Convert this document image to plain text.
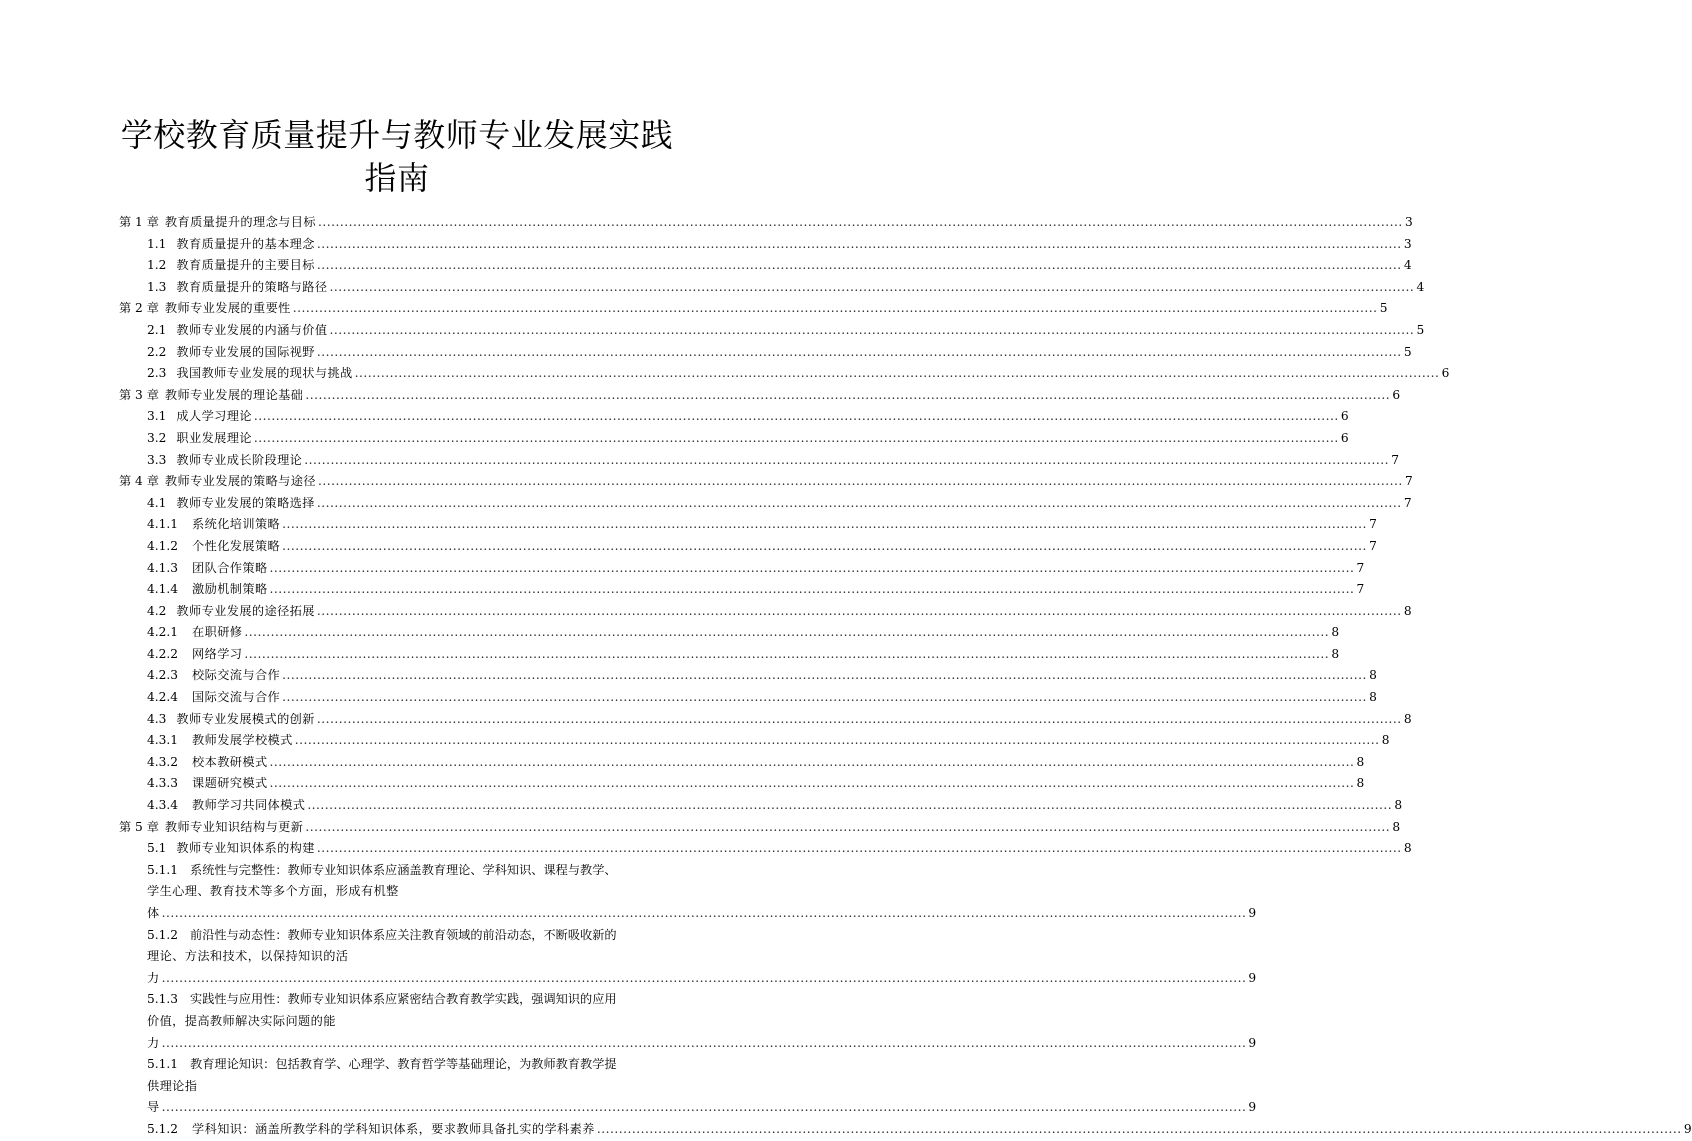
学校教育质量提升与教师专业发展实践指南
第 1 章 教育质量提升的理念与目标 .....	3
1.1 教育质量提升的基本理念 .....	3
1.2 教育质量提升的主要目标 .....	4
1.3 教育质量提升的策略与路径 .....	4
第 2 章 教师专业发展的重要性 .....	5
2.1 教师专业发展的内涵与价值 .....	5
2.2 教师专业发展的国际视野 .....	5
2.3 我国教师专业发展的现状与挑战 .....	6
第 3 章 教师专业发展的理论基础 .....	6
3.1 成人学习理论 .....	6
3.2 职业发展理论 .....	6
3.3 教师专业成长阶段理论 .....	7
第 4 章 教师专业发展的策略与途径 .....	7
4.1 教师专业发展的策略选择 .....	7
4.1.1 系统化培训策略 .....	7
4.1.2 个性化发展策略 .....	7
4.1.3 团队合作策略 .....	7
4.1.4 激励机制策略 .....	7
4.2 教师专业发展的途径拓展 .....	8
4.2.1 在职研修 .....	8
4.2.2 网络学习 .....	8
4.2.3 校际交流与合作 .....	8
4.2.4 国际交流与合作 .....	8
4.3 教师专业发展模式的创新 .....	8
4.3.1 教师发展学校模式 .....	8
4.3.2 校本教研模式 .....	8
4.3.3 课题研究模式 .....	8
4.3.4 教师学习共同体模式 .....	8
第 5 章 教师专业知识结构与更新 .....	8
5.1 教师专业知识体系的构建 .....	8
5.1.1 系统性与完整性：教师专业知识体系应涵盖教育理论、学科知识、课程与教学、
学生心理、教育技术等多个方面，形成有机整体 .....	9
5.1.2 前沿性与动态性：教师专业知识体系应关注教育领域的前沿动态，不断吸收新的
理论、方法和技术，以保持知识的活力 .....	9
5.1.3 实践性与应用性：教师专业知识体系应紧密结合教育教学实践，强调知识的应用
价值，提高教师解决实际问题的能力 .....	9
5.1.1 教育理论知识：包括教育学、心理学、教育哲学等基础理论，为教师教育教学提
供理论指导 .....	9
5.1.2 学科知识：涵盖所教学科的学科知识体系，要求教师具备扎实的学科素养 .....	9
